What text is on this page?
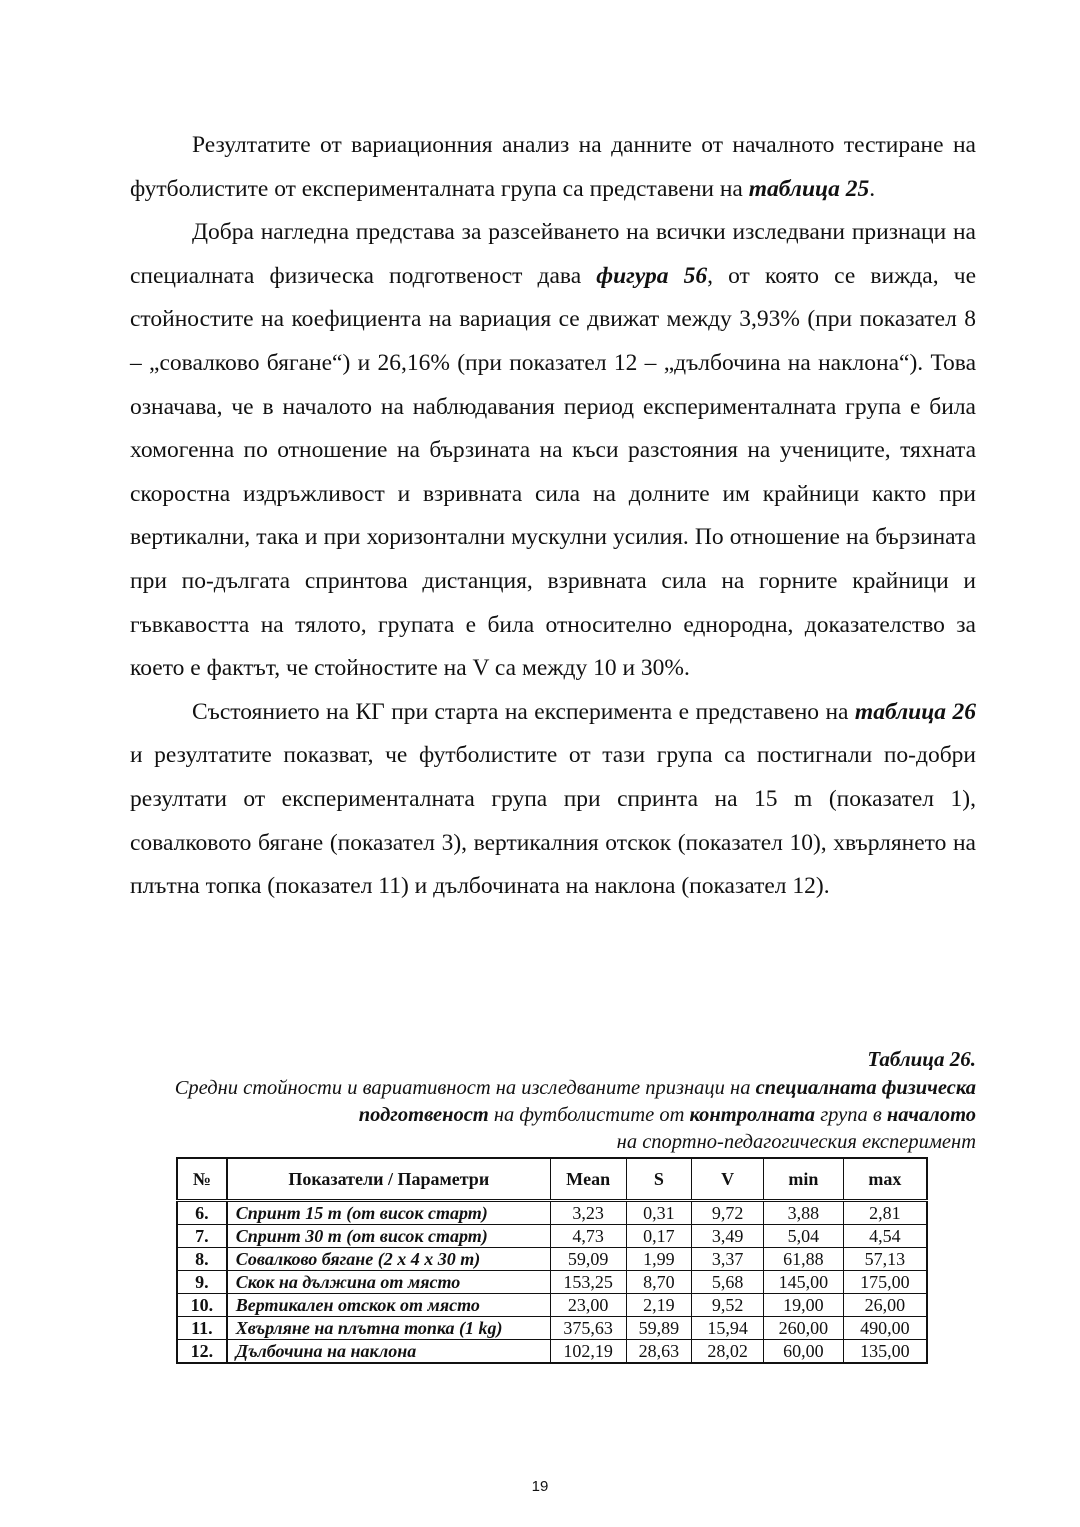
Резултатите от вариационния анализ на данните от началното тестиране на футболистите от експерименталната група са представени на таблица 25.

Добра нагледна представа за разсейването на всички изследвани признаци на специалната физическа подготвеност дава фигура 56, от която се вижда, че стойностите на коефициента на вариация се движат между 3,93% (при показател 8 – „совалково бягане“) и 26,16% (при показател 12 – „дълбочина на наклона“). Това означава, че в началото на наблюдавания период експерименталната група е била хомогенна по отношение на бързината на къси разстояния на учениците, тяхната скоростна издръжливост и взривната сила на долните им крайници както при вертикални, така и при хоризонтални мускулни усилия. По отношение на бързината при по-дългата спринтова дистанция, взривната сила на горните крайници и гъвкавостта на тялото, групата е била относително еднородна, доказателство за което е фактът, че стойностите на V са между 10 и 30%.

Състоянието на КГ при старта на експеримента е представено на таблица 26 и резултатите показват, че футболистите от тази група са постигнали по-добри резултати от експерименталната група при спринта на 15 m (показател 1), совалковото бягане (показател 3), вертикалния отскок (показател 10), хвърлянето на плътна топка (показател 11) и дълбочината на наклона (показател 12).

Таблица 26.
Средни стойности и вариативност на изследваните признаци на специалната физическа подготвеност на футболистите от контролната група в началото
на спортно-педагогическия експеримент
№	Показатели / Параметри	Mean	S	V	min	max
6.	Спринт 15 m (от висок старт)	3,23	0,31	9,72	3,88	2,81
7.	Спринт 30 m (от висок старт)	4,73	0,17	3,49	5,04	4,54
8.	Совалково бягане (2 х 4 х 30 m)	59,09	1,99	3,37	61,88	57,13
9.	Скок на дължина от място	153,25	8,70	5,68	145,00	175,00
10.	Вертикален отскок от място	23,00	2,19	9,52	19,00	26,00
11.	Хвърляне на плътна топка (1 kg)	375,63	59,89	15,94	260,00	490,00
12.	Дълбочина на наклона	102,19	28,63	28,02	60,00	135,00
19
